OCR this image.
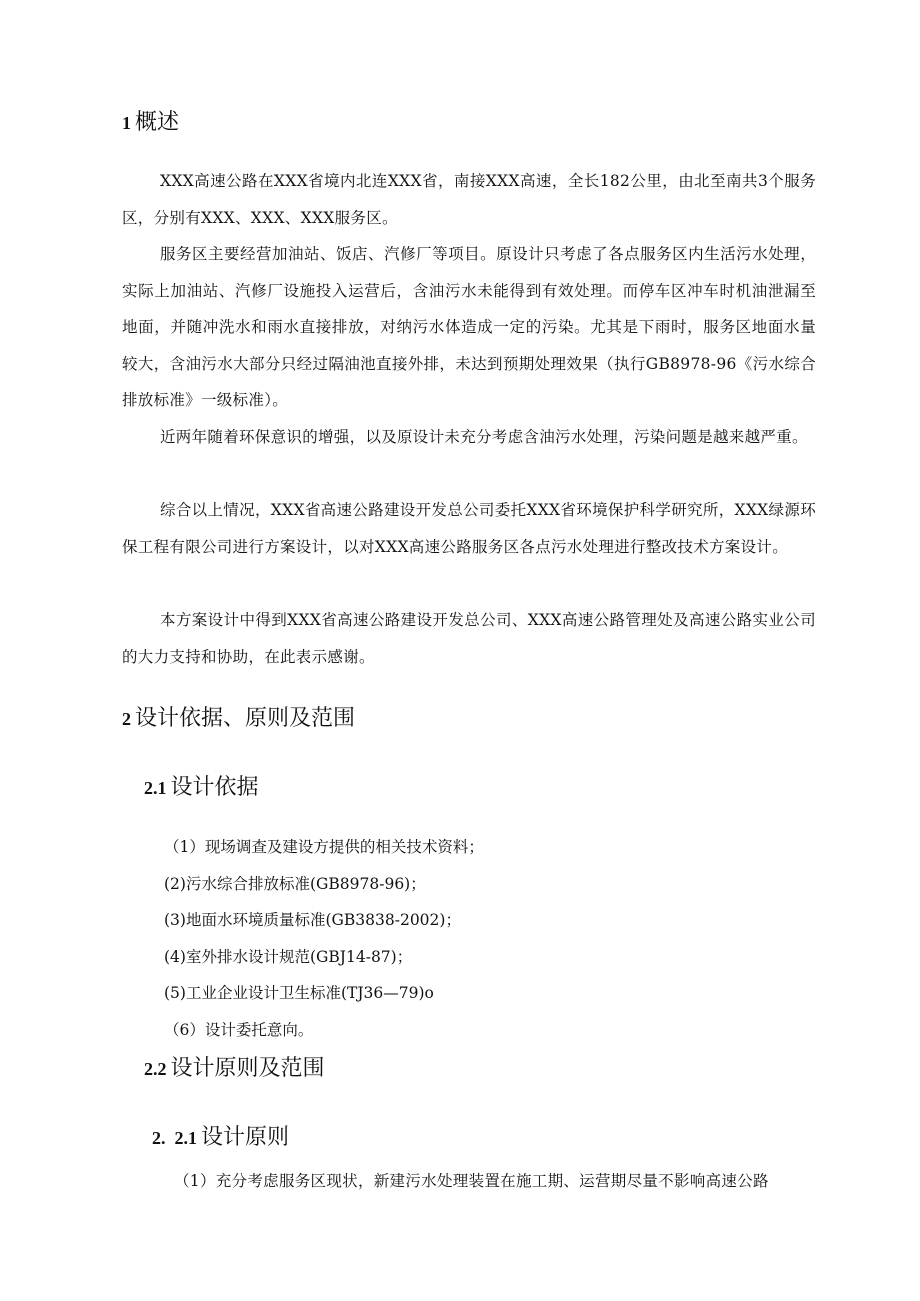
1 概述

XXX高速公路在XXX省境内北连XXX省，南接XXX高速，全长182公里，由北至南共3个服务区，分别有XXX、XXX、XXX服务区。

服务区主要经营加油站、饭店、汽修厂等项目。原设计只考虑了各点服务区内生活污水处理，实际上加油站、汽修厂设施投入运营后，含油污水未能得到有效处理。而停车区冲车时机油泄漏至地面，并随冲洗水和雨水直接排放，对纳污水体造成一定的污染。尤其是下雨时，服务区地面水量较大，含油污水大部分只经过隔油池直接外排，未达到预期处理效果（执行GB8978-96《污水综合排放标准》一级标准）。

近两年随着环保意识的增强，以及原设计未充分考虑含油污水处理，污染问题是越来越严重。

综合以上情况，XXX省高速公路建设开发总公司委托XXX省环境保护科学研究所，XXX绿源环保工程有限公司进行方案设计，以对XXX高速公路服务区各点污水处理进行整改技术方案设计。

本方案设计中得到XXX省高速公路建设开发总公司、XXX高速公路管理处及高速公路实业公司的大力支持和协助，在此表示感谢。

2 设计依据、原则及范围
2.1 设计依据
（1）现场调查及建设方提供的相关技术资料；
(2)污水综合排放标准(GB8978-96)；
(3)地面水环境质量标准(GB3838-2002)；
(4)室外排水设计规范(GBJ14-87)；
(5)工业企业设计卫生标准(TJ36—79)o
（6）设计委托意向。
2.2 设计原则及范围
2.  2.1 设计原则

（1）充分考虑服务区现状，新建污水处理装置在施工期、运营期尽量不影响高速公路
